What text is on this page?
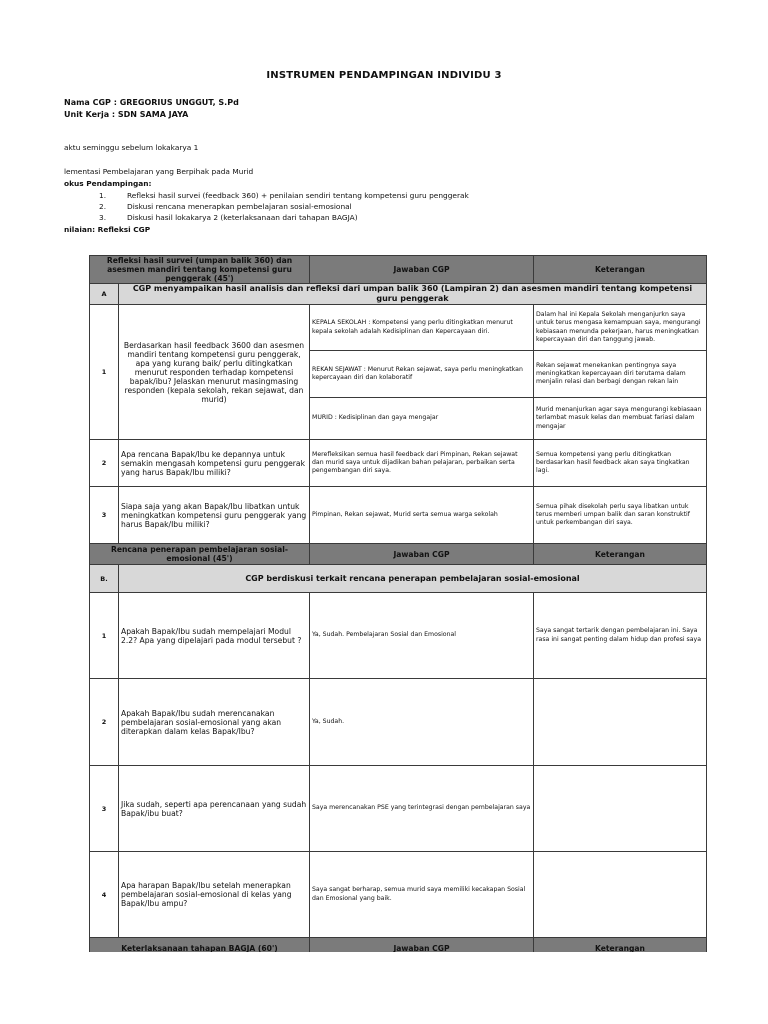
INSTRUMEN PENDAMPINGAN INDIVIDU 3
Nama CGP : GREGORIUS UNGGUT, S.Pd
Unit Kerja : SDN SAMA JAYA
aktu seminggu sebelum lokakarya 1
lementasi Pembelajaran yang Berpihak pada Murid
okus Pendampingan:
1.	Refleksi hasil survei (feedback 360) + penilaian sendiri tentang kompetensi guru penggerak
2.	Diskusi rencana menerapkan pembelajaran sosial-emosional
3.	Diskusi hasil lokakarya 2 (keterlaksanaan dari tahapan BAGJA)
nilaian: Refleksi CGP
Refleksi hasil survei (umpan balik 360) dan asesmen mandiri tentang kompetensi guru penggerak (45')		Jawaban CGP	Keterangan
A	CGP menyampaikan hasil analisis dan refleksi dari umpan balik 360 (Lampiran 2) dan asesmen mandiri tentang kompetensi guru penggerak		
1	Berdasarkan hasil feedback 3600 dan asesmen mandiri tentang kompetensi guru penggerak, apa yang kurang baik/ perlu ditingkatkan menurut responden terhadap kompetensi bapak/ibu? Jelaskan menurut masingmasing responden (kepala sekolah, rekan sejawat, dan murid)	KEPALA SEKOLAH : Kompetensi yang perlu ditingkatkan menurut kepala sekolah adalah Kedisiplinan dan Kepercayaan diri.	Dalam hal ini Kepala Sekolah menganjurkn saya untuk terus mengasa kemampuan saya, mengurangi kebiasaan menunda pekerjaan, harus meningkatkan kepercayaan diri dan tanggung jawab.
		REKAN SEJAWAT : Menurut Rekan sejawat, saya perlu meningkatkan kepercayaan diri dan kolaboratif	Rekan sejawat menekankan pentingnya saya meningkatkan kepercayaan diri terutama dalam menjalin relasi dan berbagi dengan rekan lain
		MURID : Kedisiplinan dan gaya mengajar	Murid menanjurkan agar saya mengurangi kebiasaan terlambat masuk kelas dan membuat fariasi dalam mengajar
2	Apa rencana Bapak/Ibu ke depannya untuk semakin mengasah kompetensi guru penggerak yang harus Bapak/Ibu miliki?	Merefleksikan semua hasil feedback dari Pimpinan, Rekan sejawat dan murid saya untuk dijadikan bahan pelajaran, perbaikan serta pengembangan diri saya.	Semua kompetensi yang perlu ditingkatkan berdasarkan hasil feedback akan saya tingkatkan lagi.
3	Siapa saja yang akan Bapak/Ibu libatkan untuk meningkatkan kompetensi guru penggerak yang harus Bapak/Ibu miliki?	Pimpinan, Rekan sejawat, Murid serta semua warga sekolah	Semua pihak disekolah perlu saya libatkan untuk terus memberi umpan balik dan saran konstruktif untuk perkembangan diri saya.
Rencana penerapan pembelajaran sosial-emosional (45')		Jawaban CGP	Keterangan
B.	CGP berdiskusi terkait rencana penerapan pembelajaran sosial-emosional		
1	Apakah Bapak/Ibu sudah mempelajari Modul 2.2? Apa yang dipelajari pada modul tersebut ?	Ya, Sudah. Pembelajaran Sosial dan Emosional	Saya sangat tertarik dengan pembelajaran ini. Saya rasa ini sangat penting dalam hidup dan profesi saya
2	Apakah Bapak/Ibu sudah merencanakan pembelajaran sosial-emosional yang akan diterapkan dalam kelas Bapak/Ibu?	Ya, Sudah.	
3	Jika sudah, seperti apa perencanaan yang sudah Bapak/ibu buat?	Saya merencanakan PSE yang terintegrasi dengan pembelajaran saya	
4	Apa harapan Bapak/Ibu setelah menerapkan pembelajaran sosial-emosional di kelas yang Bapak/Ibu ampu?	Saya sangat berharap, semua murid saya memiliki kecakapan Sosial dan Emosional yang baik.	
Keterlaksanaan tahapan BAGJA (60')		Jawaban CGP	Keterangan
